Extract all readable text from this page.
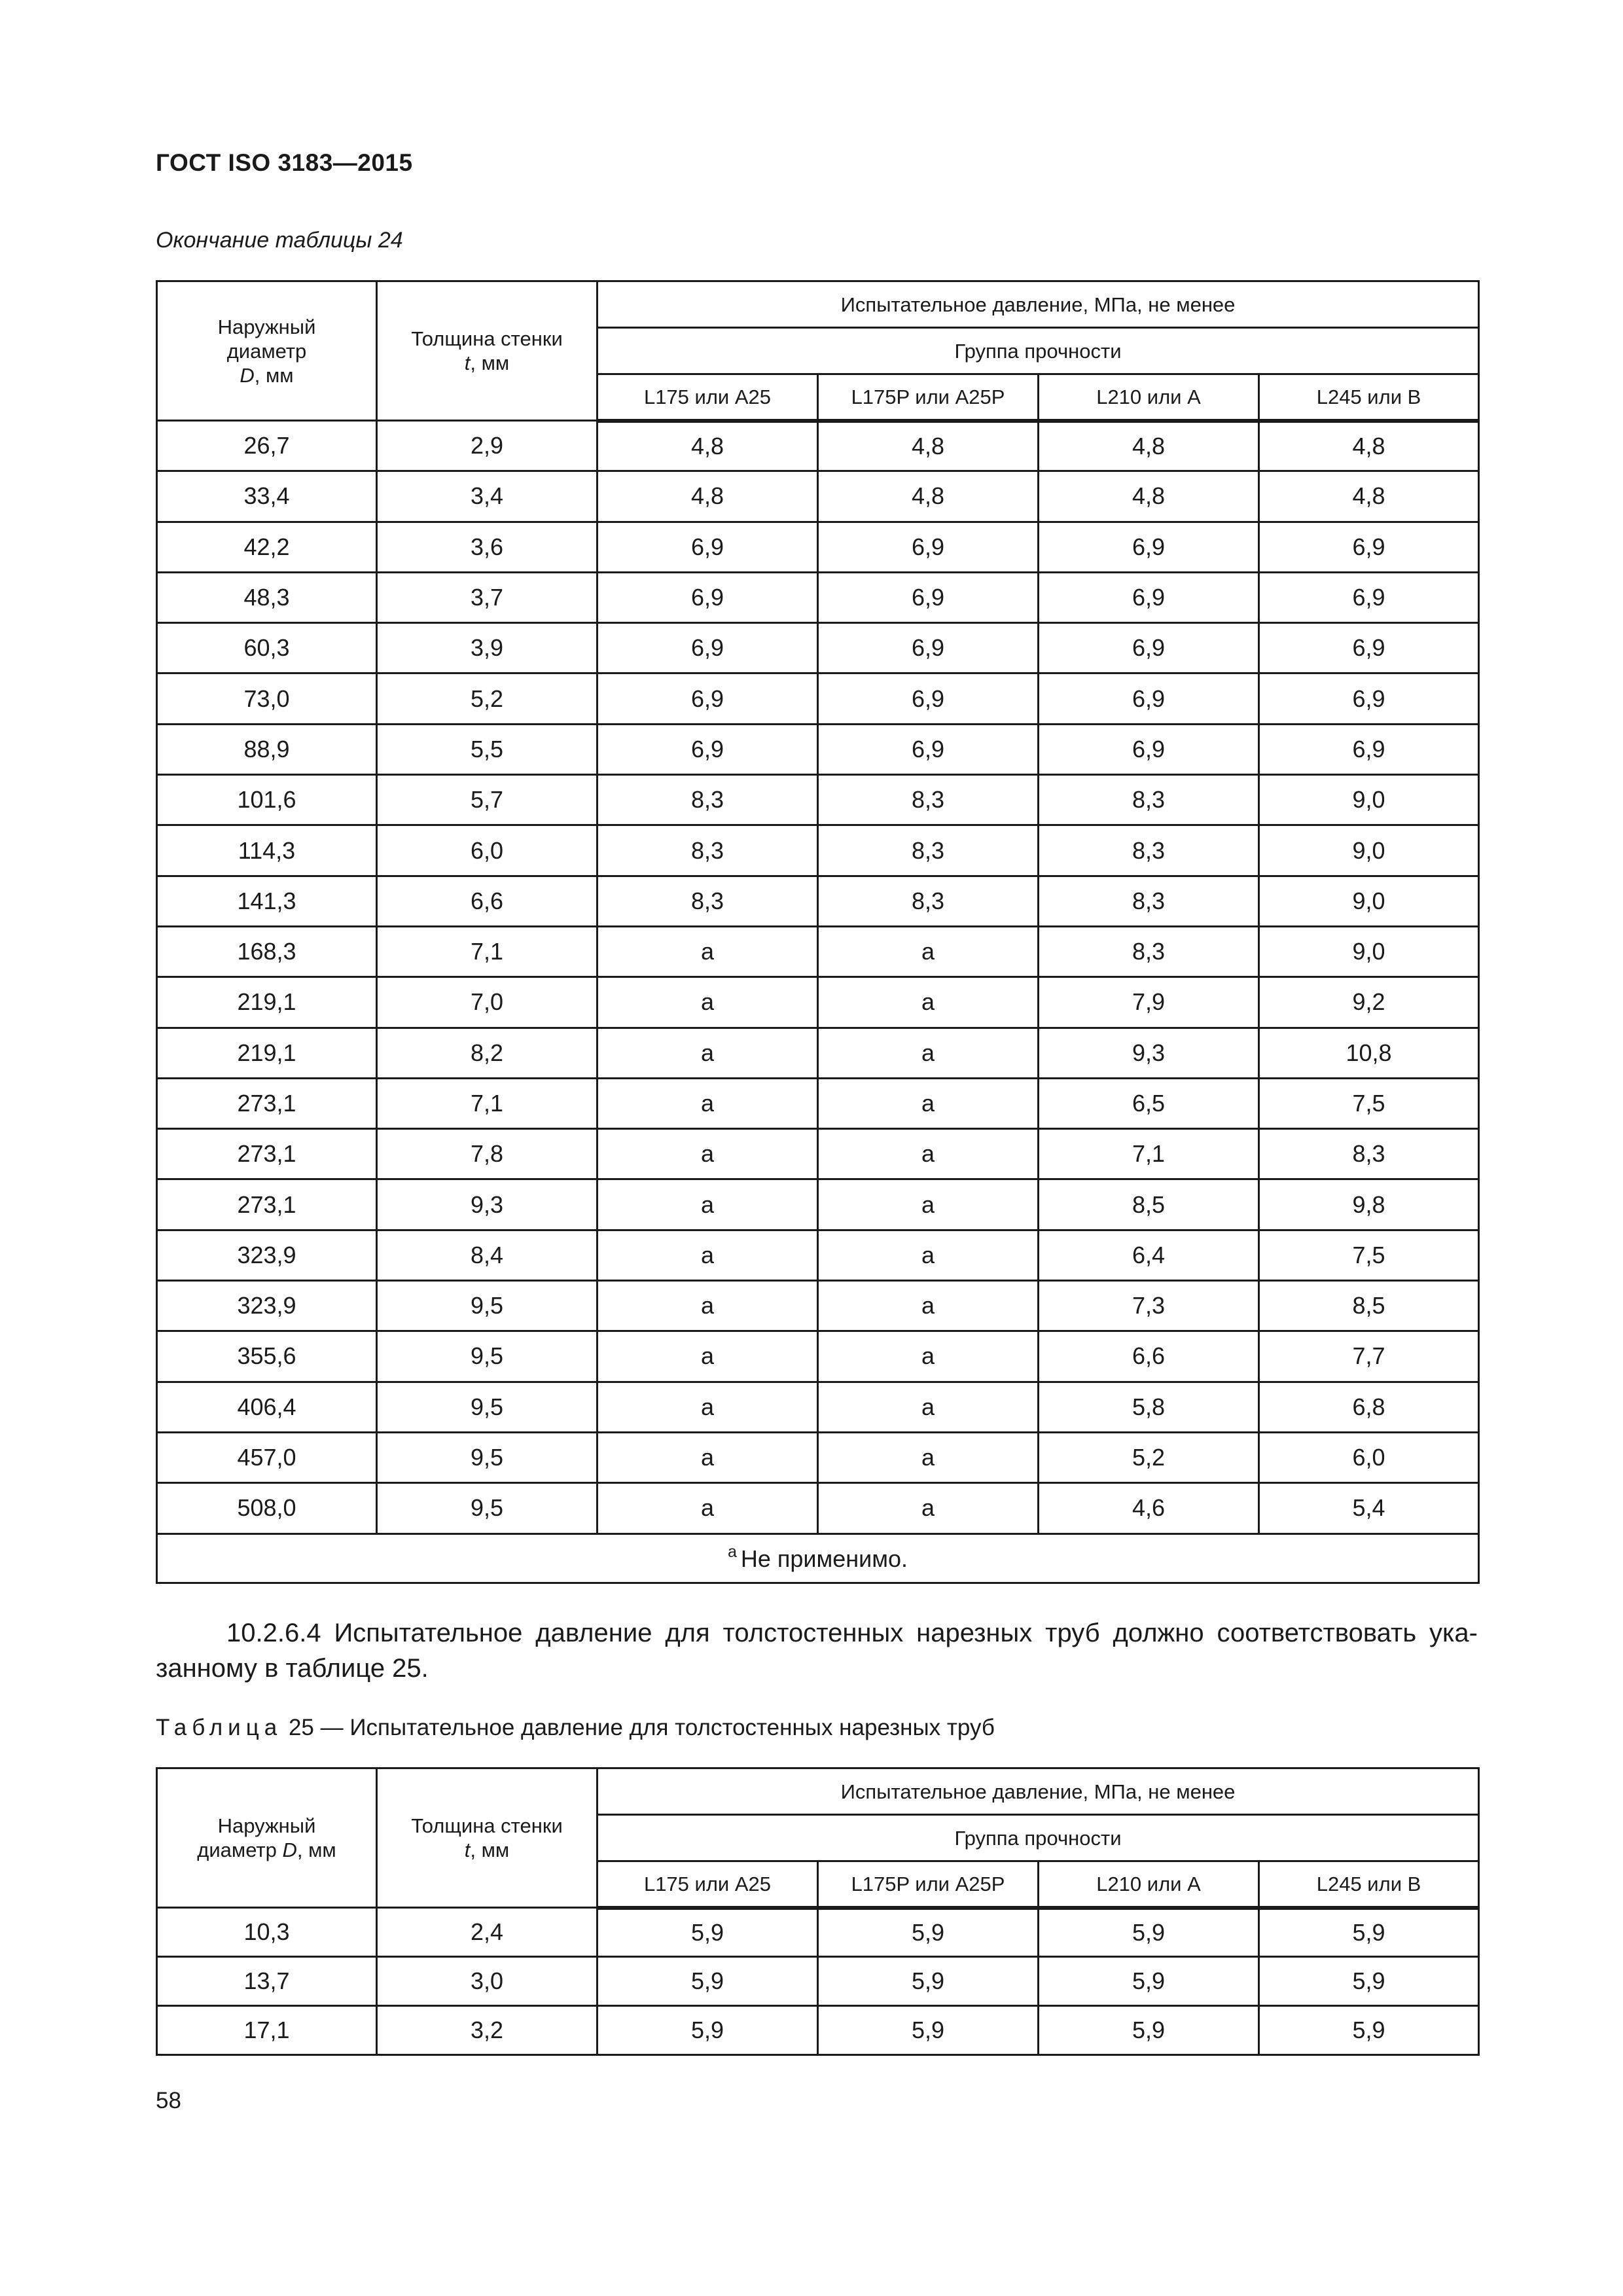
ГОСТ ISO 3183—2015
Окончание таблицы 24
Наружный
диаметр
D, мм	Толщина стенки
t, мм	Испытательное давление, МПа, не менее			
		Группа прочности			
		L175 или A25	L175P или A25P	L210 или A	L245 или B
26,7	2,9	4,8	4,8	4,8	4,8
33,4	3,4	4,8	4,8	4,8	4,8
42,2	3,6	6,9	6,9	6,9	6,9
48,3	3,7	6,9	6,9	6,9	6,9
60,3	3,9	6,9	6,9	6,9	6,9
73,0	5,2	6,9	6,9	6,9	6,9
88,9	5,5	6,9	6,9	6,9	6,9
101,6	5,7	8,3	8,3	8,3	9,0
114,3	6,0	8,3	8,3	8,3	9,0
141,3	6,6	8,3	8,3	8,3	9,0
168,3	7,1	a	a	8,3	9,0
219,1	7,0	a	a	7,9	9,2
219,1	8,2	a	a	9,3	10,8
273,1	7,1	a	a	6,5	7,5
273,1	7,8	a	a	7,1	8,3
273,1	9,3	a	a	8,5	9,8
323,9	8,4	a	a	6,4	7,5
323,9	9,5	a	a	7,3	8,5
355,6	9,5	a	a	6,6	7,7
406,4	9,5	a	a	5,8	6,8
457,0	9,5	a	a	5,2	6,0
508,0	9,5	a	a	4,6	5,4
$^a$ Не применимо.					
10.2.6.4 Испытательное давление для толстостенных нарезных труб должно соответствовать ука-занному в таблице 25.
Таблица 25 — Испытательное давление для толстостенных нарезных труб
Наружный
диаметр D, мм	Толщина стенки
t, мм	Испытательное давление, МПа, не менее			
		Группа прочности			
		L175 или A25	L175P или A25P	L210 или A	L245 или B
10,3	2,4	5,9	5,9	5,9	5,9
13,7	3,0	5,9	5,9	5,9	5,9
17,1	3,2	5,9	5,9	5,9	5,9
58
